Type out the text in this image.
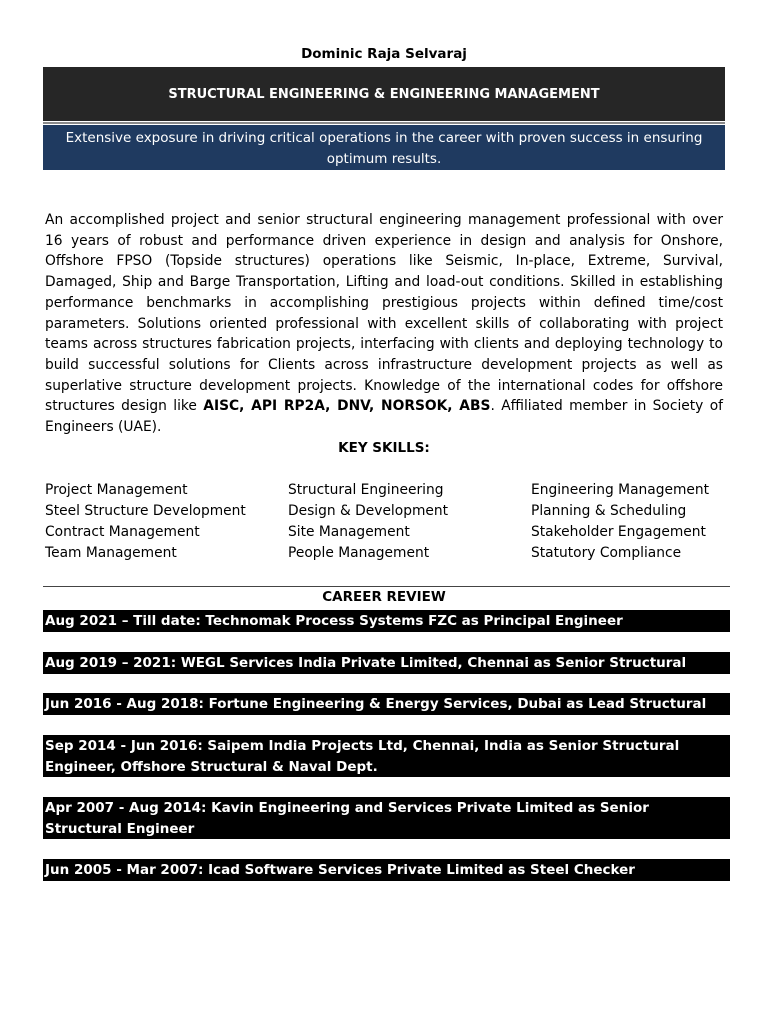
Dominic Raja Selvaraj
STRUCTURAL ENGINEERING & ENGINEERING MANAGEMENT
Extensive exposure in driving critical operations in the career with proven success in ensuring optimum results.

An accomplished project and senior structural engineering management professional with over 16 years of robust and performance driven experience in design and analysis for Onshore, Offshore FPSO (Topside structures) operations like Seismic, In-place, Extreme, Survival, Damaged, Ship and Barge Transportation, Lifting and load-out conditions. Skilled in establishing performance benchmarks in accomplishing prestigious projects within defined time/cost parameters. Solutions oriented professional with excellent skills of collaborating with project teams across structures fabrication projects, interfacing with clients and deploying technology to build successful solutions for Clients across infrastructure development projects as well as superlative structure development projects. Knowledge of the international codes for offshore structures design like AISC, API RP2A, DNV, NORSOK, ABS. Affiliated member in Society of Engineers (UAE).

KEY SKILLS:
Project Management
Steel Structure Development
Contract Management
Team Management
Structural Engineering
Design & Development
Site Management
People Management
Engineering Management
Planning & Scheduling
Stakeholder Engagement
Statutory Compliance
CAREER REVIEW
Aug 2021 – Till date: Technomak Process Systems FZC as Principal Engineer
Aug 2019 – 2021: WEGL Services India Private Limited, Chennai as Senior Structural Engineer
Jun 2016 - Aug 2018: Fortune Engineering & Energy Services, Dubai as Lead Structural Engineer
Sep 2014 - Jun 2016: Saipem India Projects Ltd, Chennai, India as Senior Structural Engineer, Offshore Structural & Naval Dept.
Apr 2007 - Aug 2014: Kavin Engineering and Services Private Limited as Senior Structural Engineer
Jun 2005 - Mar 2007: Icad Software Services Private Limited as Steel Checker
